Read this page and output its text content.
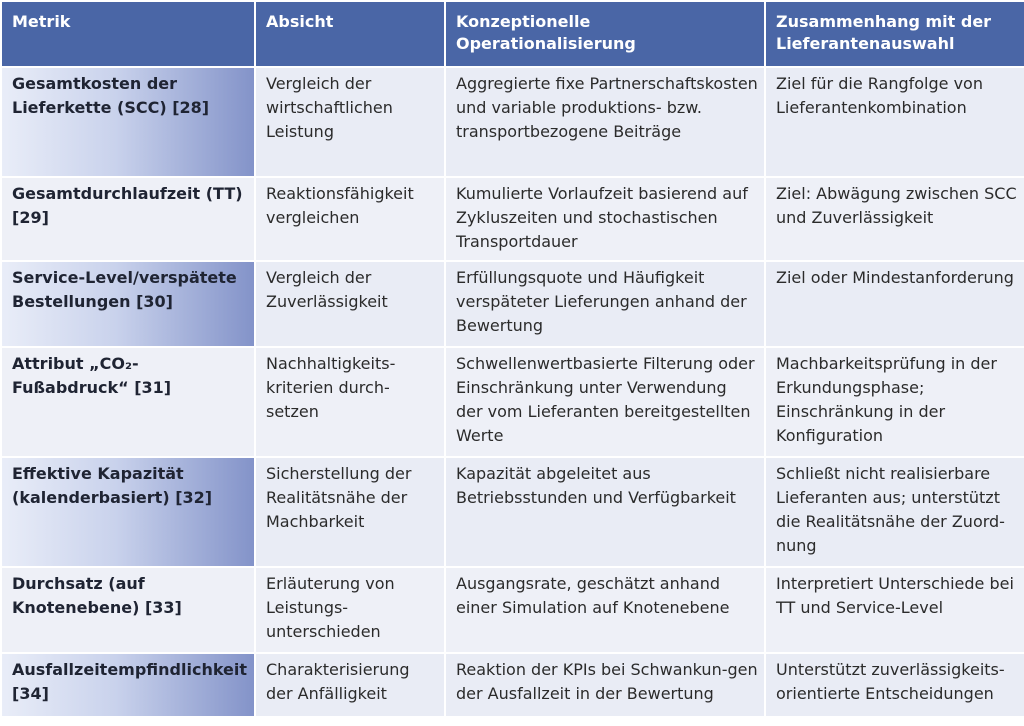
Metrik	Absicht	Konzeptionelle Operationalisierung	Zusammenhang mit der Lieferantenauswahl
Gesamtkosten der Lieferkette (SCC) [28]	Vergleich der wirtschaftlichen Leistung	Aggregierte fixe Partnerschaftskosten und variable produktions- bzw. transportbezogene Beiträge	Ziel für die Rangfolge von Lieferantenkombination
Gesamtdurchlaufzeit (TT) [29]	Reaktionsfähigkeit vergleichen	Kumulierte Vorlaufzeit basierend auf Zykluszeiten und stochastischen Transportdauer	Ziel: Abwägung zwischen SCC und Zuverlässigkeit
Service-Level/verspätete Bestellungen [30]	Vergleich der Zuverlässigkeit	Erfüllungsquote und Häufigkeit verspäteter Lieferungen anhand der Bewertung	Ziel oder Mindestanforderung
Attribut „CO₂-Fußabdruck“ [31]	Nachhaltigkeits-kriterien durch-setzen	Schwellenwertbasierte Filterung oder Einschränkung unter Verwendung der vom Lieferanten bereitgestellten Werte	Machbarkeitsprüfung in der Erkundungsphase; Einschränkung in der Konfiguration
Effektive Kapazität (kalenderbasiert) [32]	Sicherstellung der Realitätsnähe der Machbarkeit	Kapazität abgeleitet aus Betriebsstunden und Verfügbarkeit	Schließt nicht realisierbare Lieferanten aus; unterstützt die Realitätsnähe der Zuord-nung
Durchsatz (auf Knotenebene) [33]	Erläuterung von Leistungs-unterschieden	Ausgangsrate, geschätzt anhand einer Simulation auf Knotenebene	Interpretiert Unterschiede bei TT und Service-Level
Ausfallzeitempfindlichkeit [34]	Charakterisierung der Anfälligkeit	Reaktion der KPIs bei Schwankun-gen der Ausfallzeit in der Bewertung	Unterstützt zuverlässigkeits-orientierte Entscheidungen
